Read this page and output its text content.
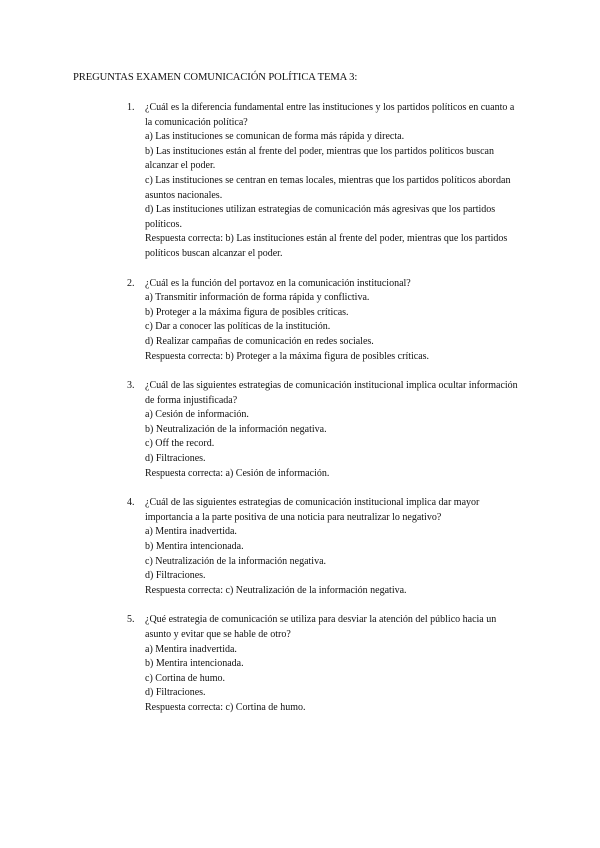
PREGUNTAS EXAMEN COMUNICACIÓN POLÍTICA TEMA 3:
1.	¿Cuál es la diferencia fundamental entre las instituciones y los partidos políticos en cuanto a la comunicación política?
a) Las instituciones se comunican de forma más rápida y directa.
b) Las instituciones están al frente del poder, mientras que los partidos políticos buscan alcanzar el poder.
c) Las instituciones se centran en temas locales, mientras que los partidos políticos abordan asuntos nacionales.
d) Las instituciones utilizan estrategias de comunicación más agresivas que los partidos políticos.
Respuesta correcta: b) Las instituciones están al frente del poder, mientras que los partidos políticos buscan alcanzar el poder.
2.	¿Cuál es la función del portavoz en la comunicación institucional?
a) Transmitir información de forma rápida y conflictiva.
b) Proteger a la máxima figura de posibles críticas.
c) Dar a conocer las políticas de la institución.
d) Realizar campañas de comunicación en redes sociales.
Respuesta correcta: b) Proteger a la máxima figura de posibles críticas.
3.	¿Cuál de las siguientes estrategias de comunicación institucional implica ocultar información de forma injustificada?
a) Cesión de información.
b) Neutralización de la información negativa.
c) Off the record.
d) Filtraciones.
Respuesta correcta: a) Cesión de información.
4.	¿Cuál de las siguientes estrategias de comunicación institucional implica dar mayor importancia a la parte positiva de una noticia para neutralizar lo negativo?
a) Mentira inadvertida.
b) Mentira intencionada.
c) Neutralización de la información negativa.
d) Filtraciones.
Respuesta correcta: c) Neutralización de la información negativa.
5.	¿Qué estrategia de comunicación se utiliza para desviar la atención del público hacia un asunto y evitar que se hable de otro?
a) Mentira inadvertida.
b) Mentira intencionada.
c) Cortina de humo.
d) Filtraciones.
Respuesta correcta: c) Cortina de humo.
